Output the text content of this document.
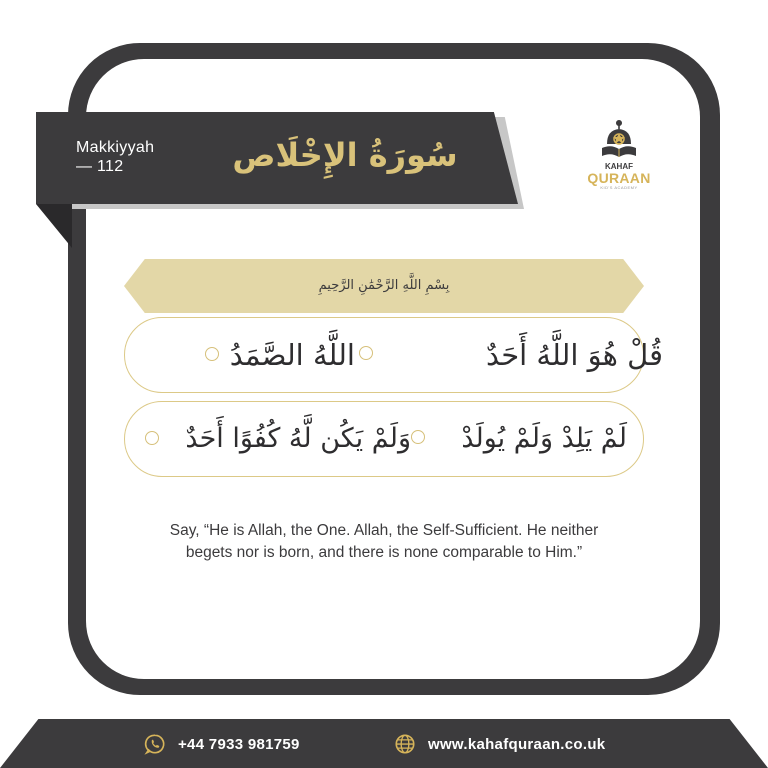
Makkiyyah
— 112	سُورَةُ الإِخْلَاص	KAHAF
QURAAN
KID'S ACADEMY
بِسْمِ اللَّهِ الرَّحْمَٰنِ الرَّحِيمِ
قُلْ هُوَ اللَّهُ أَحَدٌ
اللَّهُ الصَّمَدُ
لَمْ يَلِدْ وَلَمْ يُولَدْ
وَلَمْ يَكُن لَّهُ كُفُوًا أَحَدٌ
Say, “He is Allah, the One. Allah, the Self-Sufficient. He neither begets nor is born, and there is none comparable to Him.”
+44 7933 981759	www.kahafquraan.co.uk
